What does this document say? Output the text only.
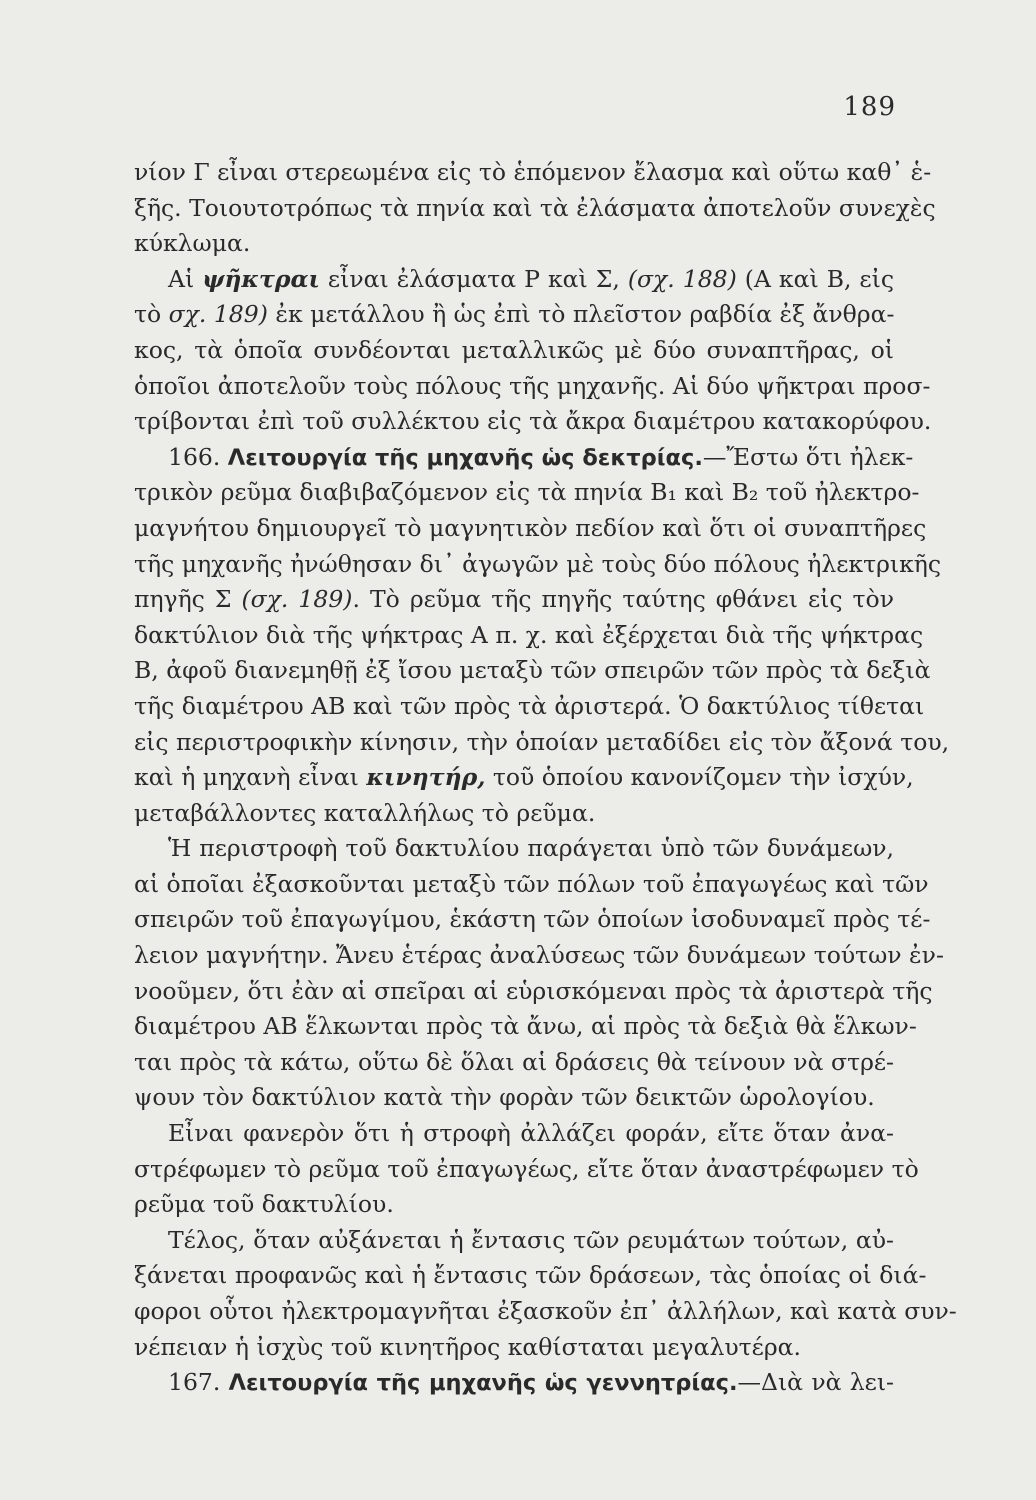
189
νίον Γ εἶναι στερεωμένα εἰς τὸ ἑπόμενον ἔλασμα καὶ οὕτω καθ᾽ ἑ-
ξῆς. Τοιουτοτρόπως τὰ πηνία καὶ τὰ ἐλάσματα ἀποτελοῦν συνεχὲς
κύκλωμα.
Αἱ ψῆκτραι εἶναι ἐλάσματα Ρ καὶ Σ, (σχ. 188) (Α καὶ Β, εἰς
τὸ σχ. 189) ἐκ μετάλλου ἢ ὡς ἐπὶ τὸ πλεῖστον ραβδία ἐξ ἄνθρα-
κος, τὰ ὁποῖα συνδέονται μεταλλικῶς μὲ δύο συναπτῆρας, οἱ
ὁποῖοι ἀποτελοῦν τοὺς πόλους τῆς μηχανῆς. Αἱ δύο ψῆκτραι προσ-
τρίβονται ἐπὶ τοῦ συλλέκτου εἰς τὰ ἄκρα διαμέτρου κατακορύφου.
166. Λειτουργία τῆς μηχανῆς ὡς δεκτρίας.—Ἔστω ὅτι ἠλεκ-
τρικὸν ρεῦμα διαβιβαζόμενον εἰς τὰ πηνία Β₁ καὶ Β₂ τοῦ ἠλεκτρο-
μαγνήτου δημιουργεῖ τὸ μαγνητικὸν πεδίον καὶ ὅτι οἱ συναπτῆρες
τῆς μηχανῆς ἠνώθησαν δι᾽ ἀγωγῶν μὲ τοὺς δύο πόλους ἠλεκτρικῆς
πηγῆς Σ (σχ. 189). Τὸ ρεῦμα τῆς πηγῆς ταύτης φθάνει εἰς τὸν
δακτύλιον διὰ τῆς ψήκτρας Α π. χ. καὶ ἐξέρχεται διὰ τῆς ψήκτρας
Β, ἀφοῦ διανεμηθῇ ἐξ ἴσου μεταξὺ τῶν σπειρῶν τῶν πρὸς τὰ δεξιὰ
τῆς διαμέτρου ΑΒ καὶ τῶν πρὸς τὰ ἀριστερά. Ὁ δακτύλιος τίθεται
εἰς περιστροφικὴν κίνησιν, τὴν ὁποίαν μεταδίδει εἰς τὸν ἄξονά του,
καὶ ἡ μηχανὴ εἶναι κινητήρ, τοῦ ὁποίου κανονίζομεν τὴν ἰσχύν,
μεταβάλλοντες καταλλήλως τὸ ρεῦμα.
Ἡ περιστροφὴ τοῦ δακτυλίου παράγεται ὑπὸ τῶν δυνάμεων,
αἱ ὁποῖαι ἐξασκοῦνται μεταξὺ τῶν πόλων τοῦ ἐπαγωγέως καὶ τῶν
σπειρῶν τοῦ ἐπαγωγίμου, ἑκάστη τῶν ὁποίων ἰσοδυναμεῖ πρὸς τέ-
λειον μαγνήτην. Ἄνευ ἑτέρας ἀναλύσεως τῶν δυνάμεων τούτων ἐν-
νοοῦμεν, ὅτι ἐὰν αἱ σπεῖραι αἱ εὑρισκόμεναι πρὸς τὰ ἀριστερὰ τῆς
διαμέτρου ΑΒ ἕλκωνται πρὸς τὰ ἄνω, αἱ πρὸς τὰ δεξιὰ θὰ ἕλκων-
ται πρὸς τὰ κάτω, οὕτω δὲ ὅλαι αἱ δράσεις θὰ τείνουν νὰ στρέ-
ψουν τὸν δακτύλιον κατὰ τὴν φορὰν τῶν δεικτῶν ὡρολογίου.
Εἶναι φανερὸν ὅτι ἡ στροφὴ ἀλλάζει φοράν, εἴτε ὅταν ἀνα-
στρέφωμεν τὸ ρεῦμα τοῦ ἐπαγωγέως, εἴτε ὅταν ἀναστρέφωμεν τὸ
ρεῦμα τοῦ δακτυλίου.
Τέλος, ὅταν αὐξάνεται ἡ ἔντασις τῶν ρευμάτων τούτων, αὐ-
ξάνεται προφανῶς καὶ ἡ ἔντασις τῶν δράσεων, τὰς ὁποίας οἱ διά-
φοροι οὗτοι ἠλεκτρομαγνῆται ἐξασκοῦν ἐπ᾽ ἀλλήλων, καὶ κατὰ συν-
νέπειαν ἡ ἰσχὺς τοῦ κινητῆρος καθίσταται μεγαλυτέρα.
167. Λειτουργία τῆς μηχανῆς ὡς γεννητρίας.—Διὰ νὰ λει-
